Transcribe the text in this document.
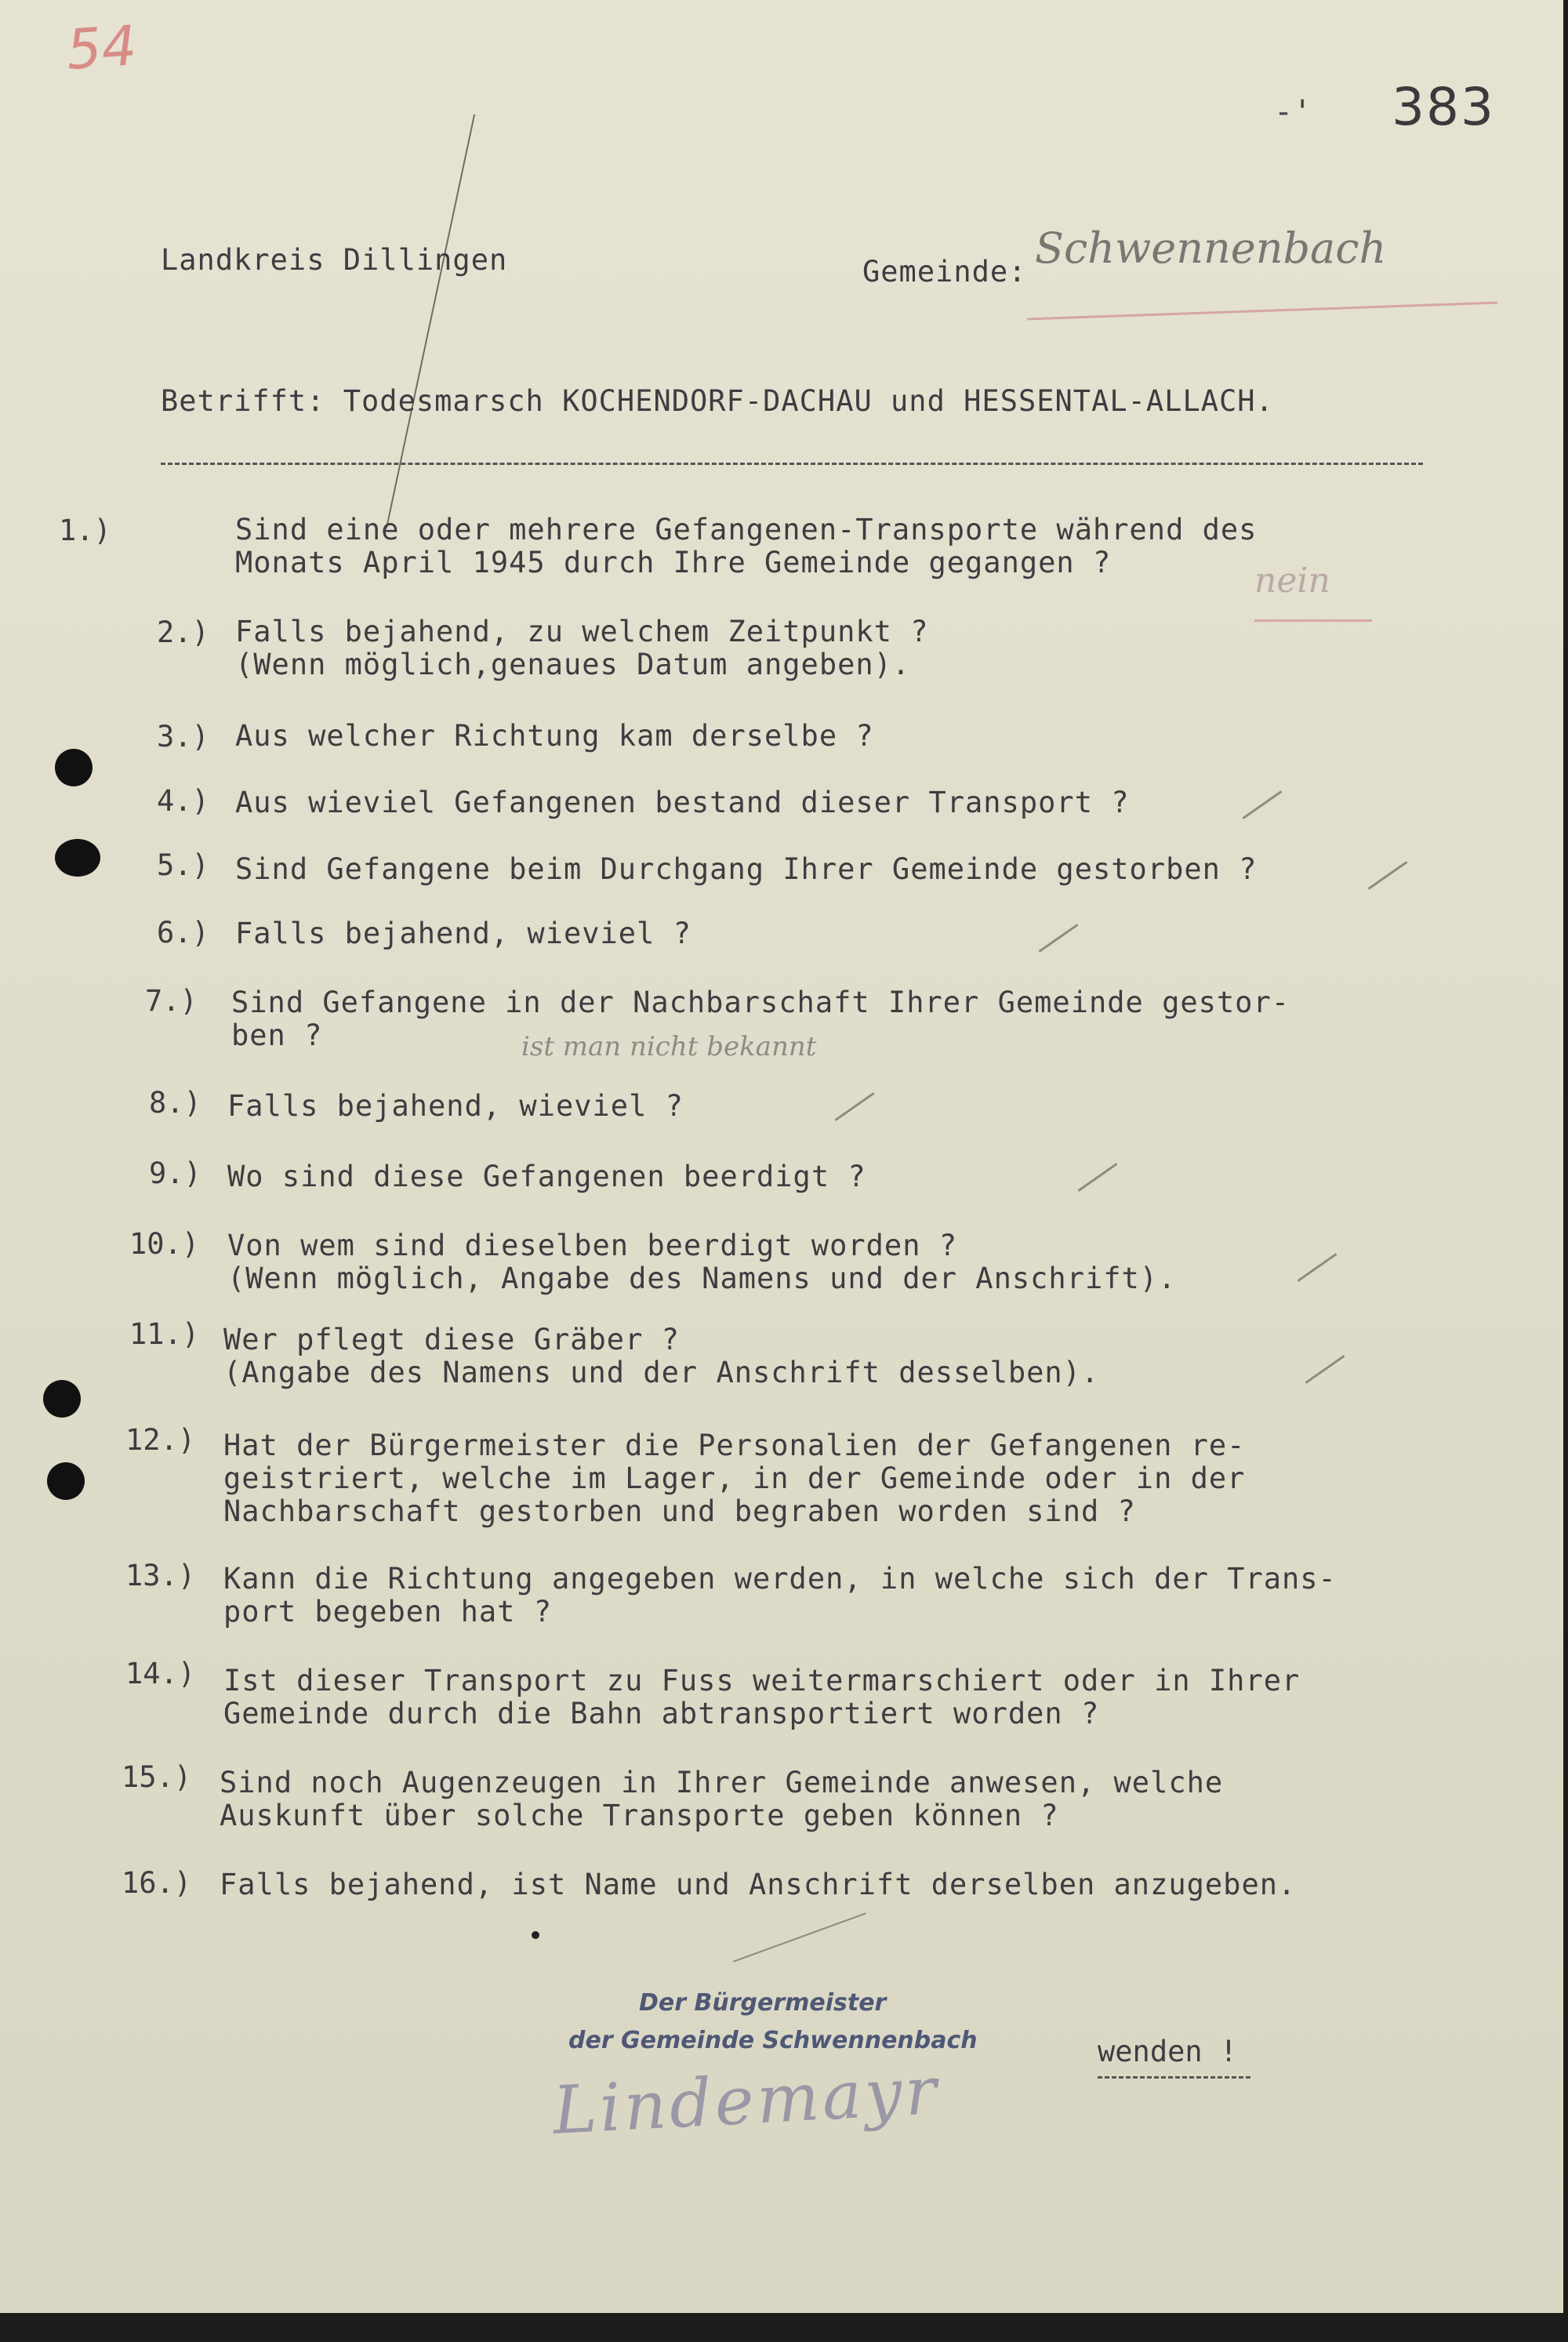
54
-' 383
Landkreis Dillingen	Gemeinde: Schwennenbach
Betrifft: Todesmarsch KOCHENDORF-DACHAU und HESSENTAL-ALLACH.
1.)	Sind eine oder mehrere Gefangenen-Transporte während des
Monats April 1945 durch Ihre Gemeinde gegangen ?	nein
2.) Falls bejahend, zu welchem Zeitpunkt ?
(Wenn möglich,genaues Datum angeben).
3.) Aus welcher Richtung kam derselbe ?
4.) Aus wieviel Gefangenen bestand dieser Transport ?
5.) Sind Gefangene beim Durchgang Ihrer Gemeinde gestorben ?
6.) Falls bejahend, wieviel ?
7.)	Sind Gefangene in der Nachbarschaft Ihrer Gemeinde gestor-
ben ?	ist man nicht bekannt
8.) Falls bejahend, wieviel ?
9.) Wo sind diese Gefangenen beerdigt ?
10.) Von wem sind dieselben beerdigt worden ?
(Wenn möglich, Angabe des Namens und der Anschrift).
11.) Wer pflegt diese Gräber ?
(Angabe des Namens und der Anschrift desselben).
12.) Hat der Bürgermeister die Personalien der Gefangenen re-
geistriert, welche im Lager, in der Gemeinde oder in der
Nachbarschaft gestorben und begraben worden sind ?
13.) Kann die Richtung angegeben werden, in welche sich der Trans-
port begeben hat ?
14.) Ist dieser Transport zu Fuss weitermarschiert oder in Ihrer
Gemeinde durch die Bahn abtransportiert worden ?
15.) Sind noch Augenzeugen in Ihrer Gemeinde anwesen, welche
Auskunft über solche Transporte geben können ?
16.) Falls bejahend, ist Name und Anschrift derselben anzugeben.
Der Bürgermeister
der Gemeinde Schwennenbach
Lindemayr
wenden !
